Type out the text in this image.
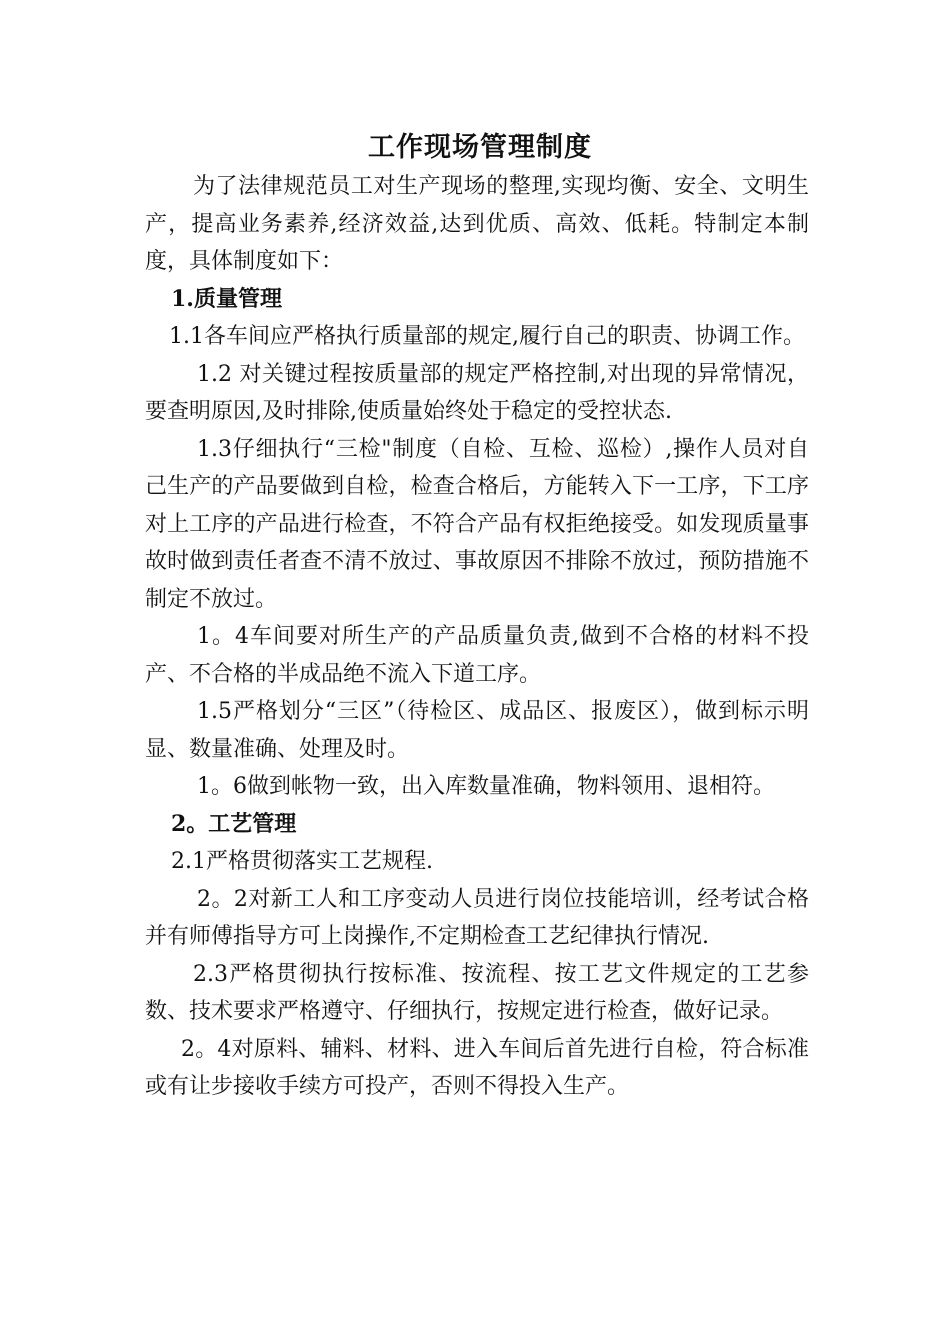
工作现场管理制度

为了法律规范员工对生产现场的整理,实现均衡、安全、文明生产，提高业务素养,经济效益,达到优质、高效、低耗。特制定本制度，具体制度如下：

1.质量管理

1.1各车间应严格执行质量部的规定,履行自己的职责、协调工作。

1.2 对关键过程按质量部的规定严格控制,对出现的异常情况，要查明原因,及时排除,使质量始终处于稳定的受控状态.

1.3仔细执行“三检"制度（自检、互检、巡检）,操作人员对自己生产的产品要做到自检，检查合格后，方能转入下一工序，下工序对上工序的产品进行检查，不符合产品有权拒绝接受。如发现质量事故时做到责任者查不清不放过、事故原因不排除不放过，预防措施不制定不放过。

1。4车间要对所生产的产品质量负责,做到不合格的材料不投产、不合格的半成品绝不流入下道工序。

1.5严格划分“三区”（待检区、成品区、报废区），做到标示明显、数量准确、处理及时。

1。6做到帐物一致，出入库数量准确，物料领用、退相符。

2。工艺管理

2.1严格贯彻落实工艺规程.

2。2对新工人和工序变动人员进行岗位技能培训，经考试合格并有师傅指导方可上岗操作,不定期检查工艺纪律执行情况.

2.3严格贯彻执行按标准、按流程、按工艺文件规定的工艺参数、技术要求严格遵守、仔细执行，按规定进行检查，做好记录。

2。4对原料、辅料、材料、进入车间后首先进行自检，符合标准或有让步接收手续方可投产，否则不得投入生产。
